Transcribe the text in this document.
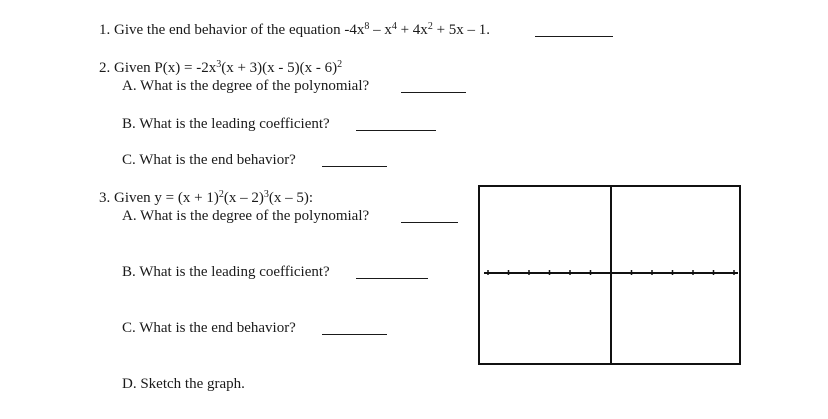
1. Give the end behavior of the equation $-4x^8 - x^4 + 4x^2 + 5x - 1$.
2. Given $P(x) = -2x^3(x + 3)(x - 5)(x - 6)^2$
A. What is the degree of the polynomial?
B. What is the leading coefficient?
C. What is the end behavior?
3. Given $y = (x + 1)^2(x - 2)^3(x - 5)$:
A. What is the degree of the polynomial?
B. What is the leading coefficient?
C. What is the end behavior?
D. Sketch the graph.
